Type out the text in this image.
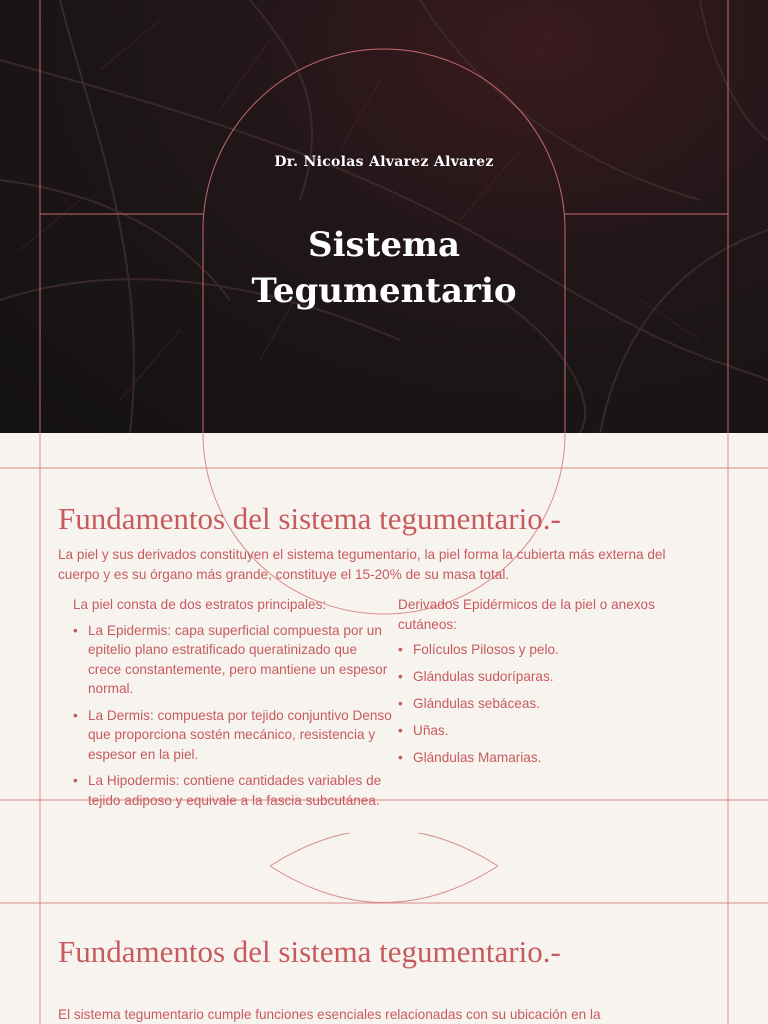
Dr. Nicolas Alvarez Alvarez
Sistema
Tegumentario
Fundamentos del sistema tegumentario.-

La piel y sus derivados constituyen el sistema tegumentario, la piel forma la cubierta más externa del cuerpo y es su órgano más grande, constituye el 15-20% de su masa total.

La piel consta de dos estratos principales:

• La Epidermis: capa superficial compuesta por un epitelio plano estratificado queratinizado que crece constantemente, pero mantiene un espesor normal.
• La Dermis: compuesta por tejido conjuntivo Denso que proporciona sostén mecánico, resistencia y espesor en la piel.
• La Hipodermis: contiene cantidades variables de tejido adiposo y equivale a la fascia subcutánea.

Derivados Epidérmicos de la piel o anexos cutáneos:

• Folículos Pilosos y pelo.
• Glándulas sudoríparas.
• Glándulas sebáceas.
• Uñas.
• Glándulas Mamarias.
Fundamentos del sistema tegumentario.-

El sistema tegumentario cumple funciones esenciales relacionadas con su ubicación en la
